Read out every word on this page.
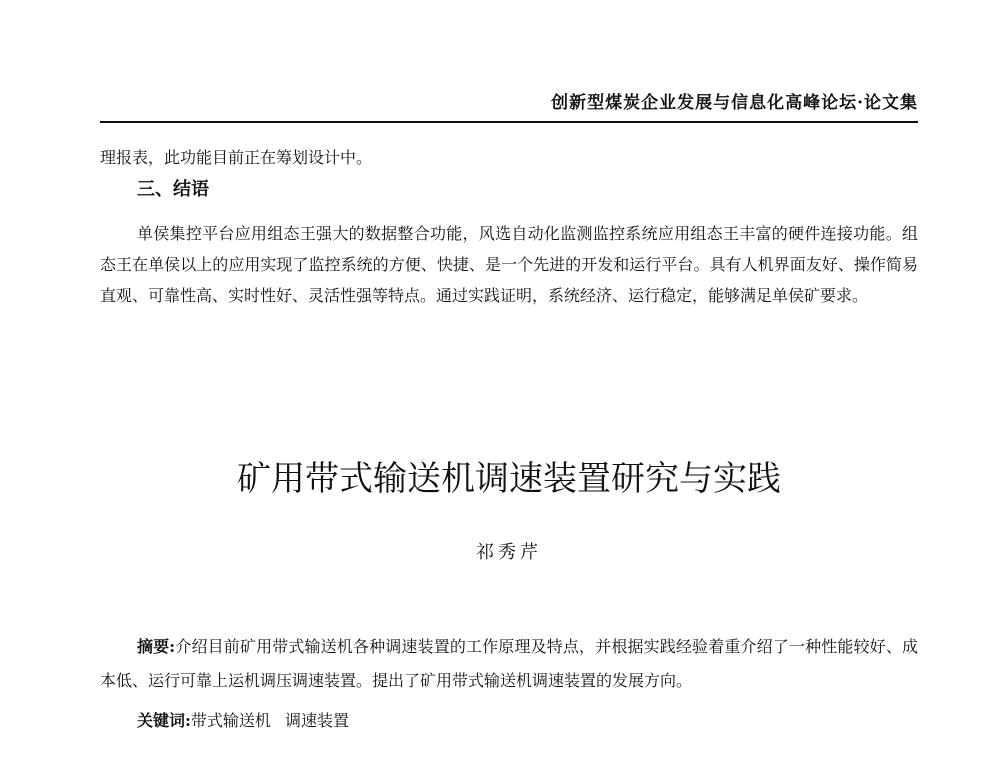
创新型煤炭企业发展与信息化高峰论坛·论文集

理报表，此功能目前正在筹划设计中。

三、结语

单侯集控平台应用组态王强大的数据整合功能，风选自动化监测监控系统应用组态王丰富的硬件连接功能。组态王在单侯以上的应用实现了监控系统的方便、快捷、是一个先进的开发和运行平台。具有人机界面友好、操作简易直观、可靠性高、实时性好、灵活性强等特点。通过实践证明，系统经济、运行稳定，能够满足单侯矿要求。

矿用带式输送机调速装置研究与实践
祁秀芹

摘要:介绍目前矿用带式输送机各种调速装置的工作原理及特点，并根据实践经验着重介绍了一种性能较好、成本低、运行可靠上运机调压调速装置。提出了矿用带式输送机调速装置的发展方向。

关键词:带式输送机 调速装置
